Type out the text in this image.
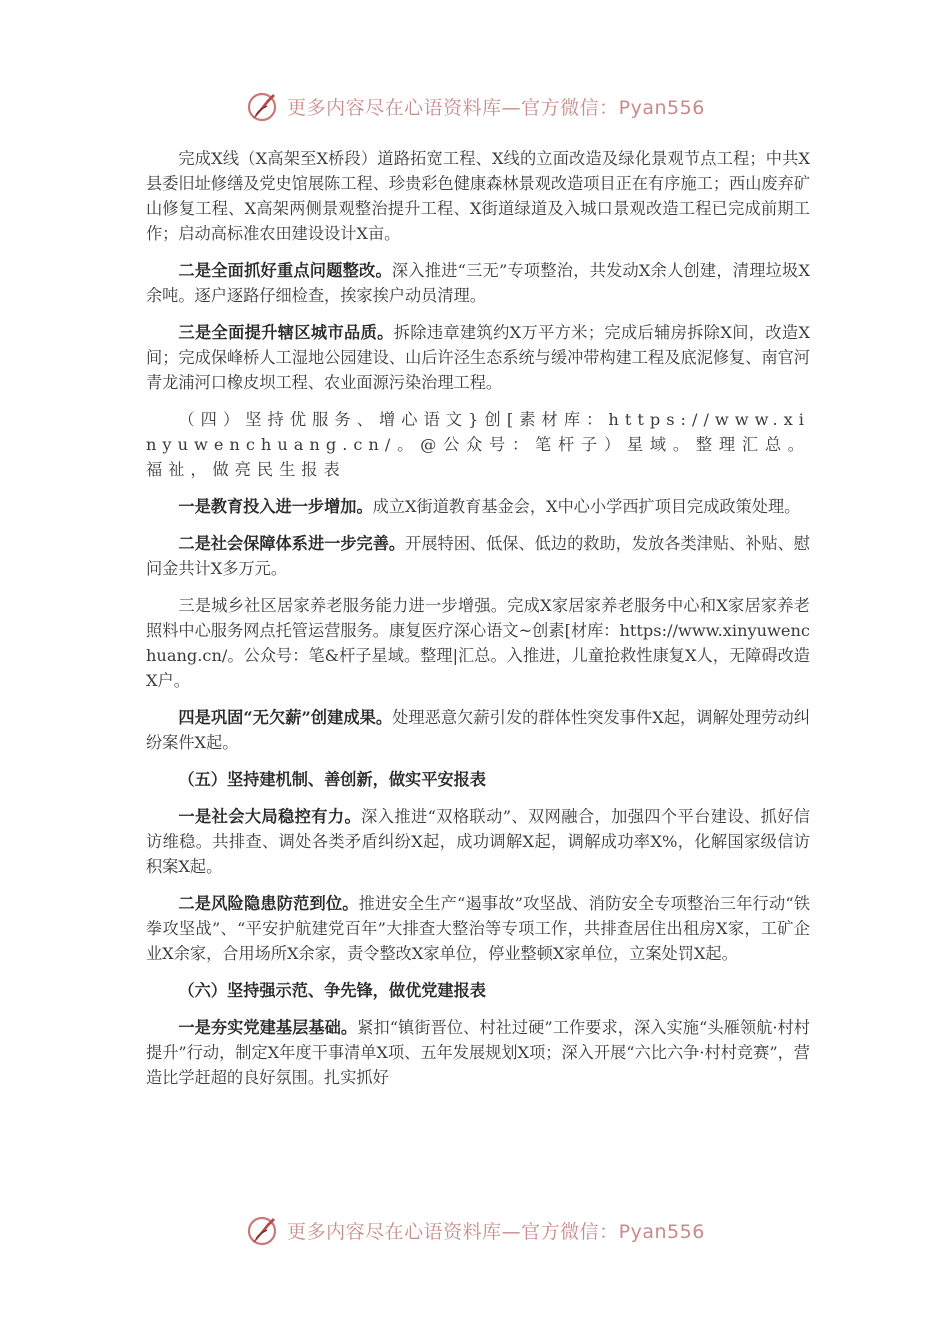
更多内容尽在心语资料库—官方微信：Pyan556

完成X线（X高架至X桥段）道路拓宽工程、X线的立面改造及绿化景观节点工程；中共X县委旧址修缮及党史馆展陈工程、珍贵彩色健康森林景观改造项目正在有序施工；西山废弃矿山修复工程、X高架两侧景观整治提升工程、X街道绿道及入城口景观改造工程已完成前期工作；启动高标准农田建设设计X亩。

二是全面抓好重点问题整改。深入推进“三无”专项整治，共发动X余人创建，清理垃圾X余吨。逐户逐路仔细检查，挨家挨户动员清理。

三是全面提升辖区城市品质。拆除违章建筑约X万平方米；完成后辅房拆除X间，改造X间；完成保峰桥人工湿地公园建设、山后许泾生态系统与缓冲带构建工程及底泥修复、南官河青龙浦河口橡皮坝工程、农业面源污染治理工程。

（四）坚持优服务、增心语文}创[素材库：https://www.xinyuwenchuang.cn/。@公众号：笔杆子）星域。整理汇总。福祉，做亮民生报表

一是教育投入进一步增加。成立X街道教育基金会，X中心小学西扩项目完成政策处理。

二是社会保障体系进一步完善。开展特困、低保、低边的救助，发放各类津贴、补贴、慰问金共计X多万元。

三是城乡社区居家养老服务能力进一步增强。完成X家居家养老服务中心和X家居家养老照料中心服务网点托管运营服务。康复医疗深心语文~创素[材库：https://www.xinyuwenchuang.cn/。公众号：笔&杆子星域。整理|汇总。入推进，儿童抢救性康复X人，无障碍改造X户。

四是巩固“无欠薪”创建成果。处理恶意欠薪引发的群体性突发事件X起，调解处理劳动纠纷案件X起。

（五）坚持建机制、善创新，做实平安报表

一是社会大局稳控有力。深入推进“双格联动”、双网融合，加强四个平台建设、抓好信访维稳。共排查、调处各类矛盾纠纷X起，成功调解X起，调解成功率X%，化解国家级信访积案X起。

二是风险隐患防范到位。推进安全生产“遏事故”攻坚战、消防安全专项整治三年行动“铁拳攻坚战”、“平安护航建党百年”大排查大整治等专项工作，共排查居住出租房X家，工矿企业X余家，合用场所X余家，责令整改X家单位，停业整顿X家单位，立案处罚X起。

（六）坚持强示范、争先锋，做优党建报表

一是夯实党建基层基础。紧扣“镇街晋位、村社过硬”工作要求，深入实施“头雁领航·村村提升”行动，制定X年度干事清单X项、五年发展规划X项；深入开展“六比六争·村村竞赛”，营造比学赶超的良好氛围。扎实抓好

更多内容尽在心语资料库—官方微信：Pyan556
